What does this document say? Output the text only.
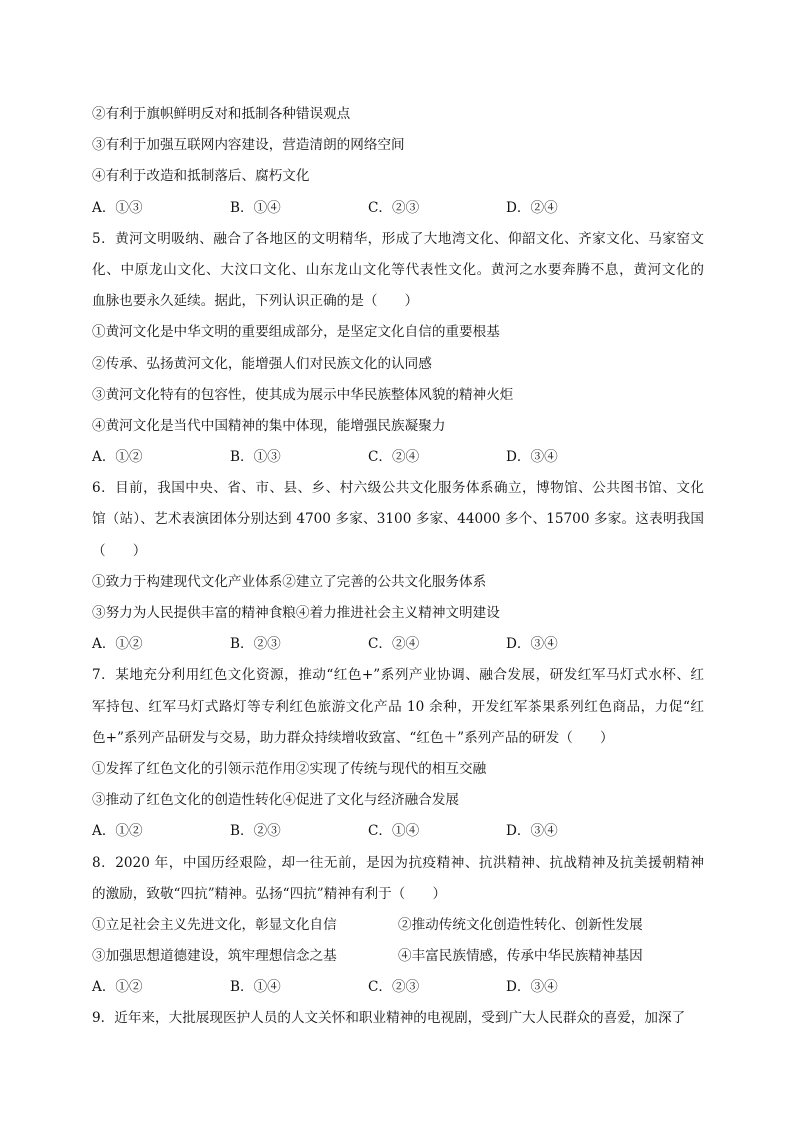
②有利于旗帜鲜明反对和抵制各种错误观点
③有利于加强互联网内容建设，营造清朗的网络空间
④有利于改造和抵制落后、腐朽文化
A．①③	B．①④	C．②③	D．②④
5．黄河文明吸纳、融合了各地区的文明精华，形成了大地湾文化、仰韶文化、齐家文化、马家窑文
化、中原龙山文化、大汶口文化、山东龙山文化等代表性文化。黄河之水要奔腾不息，黄河文化的
血脉也要永久延续。据此，下列认识正确的是（　　）
①黄河文化是中华文明的重要组成部分，是坚定文化自信的重要根基
②传承、弘扬黄河文化，能增强人们对民族文化的认同感
③黄河文化特有的包容性，使其成为展示中华民族整体风貌的精神火炬
④黄河文化是当代中国精神的集中体现，能增强民族凝聚力
A．①②	B．①③	C．②④	D．③④
6．目前，我国中央、省、市、县、乡、村六级公共文化服务体系确立，博物馆、公共图书馆、文化
馆（站）、艺术表演团体分别达到 4700 多家、3100 多家、44000 多个、15700 多家。这表明我国
（　　）
①致力于构建现代文化产业体系②建立了完善的公共文化服务体系
③努力为人民提供丰富的精神食粮④着力推进社会主义精神文明建设
A．①②	B．②③	C．②④	D．③④
7．某地充分利用红色文化资源，推动“红色+”系列产业协调、融合发展，研发红军马灯式水杯、红
军持包、红军马灯式路灯等专利红色旅游文化产品 10 余种，开发红军茶果系列红色商品，力促“红
色+”系列产品研发与交易，助力群众持续增收致富、“红色＋”系列产品的研发（　　）
①发挥了红色文化的引领示范作用②实现了传统与现代的相互交融
③推动了红色文化的创造性转化④促进了文化与经济融合发展
A．①②	B．②③	C．①④	D．③④
8．2020 年，中国历经艰险，却一往无前，是因为抗疫精神、抗洪精神、抗战精神及抗美援朝精神
的激励，致敬“四抗”精神。弘扬“四抗”精神有利于（　　）
①立足社会主义先进文化，彰显文化自信	②推动传统文化创造性转化、创新性发展
③加强思想道德建设，筑牢理想信念之基	④丰富民族情感，传承中华民族精神基因
A．①②	B．①④	C．②③	D．③④
9．近年来，大批展现医护人员的人文关怀和职业精神的电视剧，受到广大人民群众的喜爱，加深了
